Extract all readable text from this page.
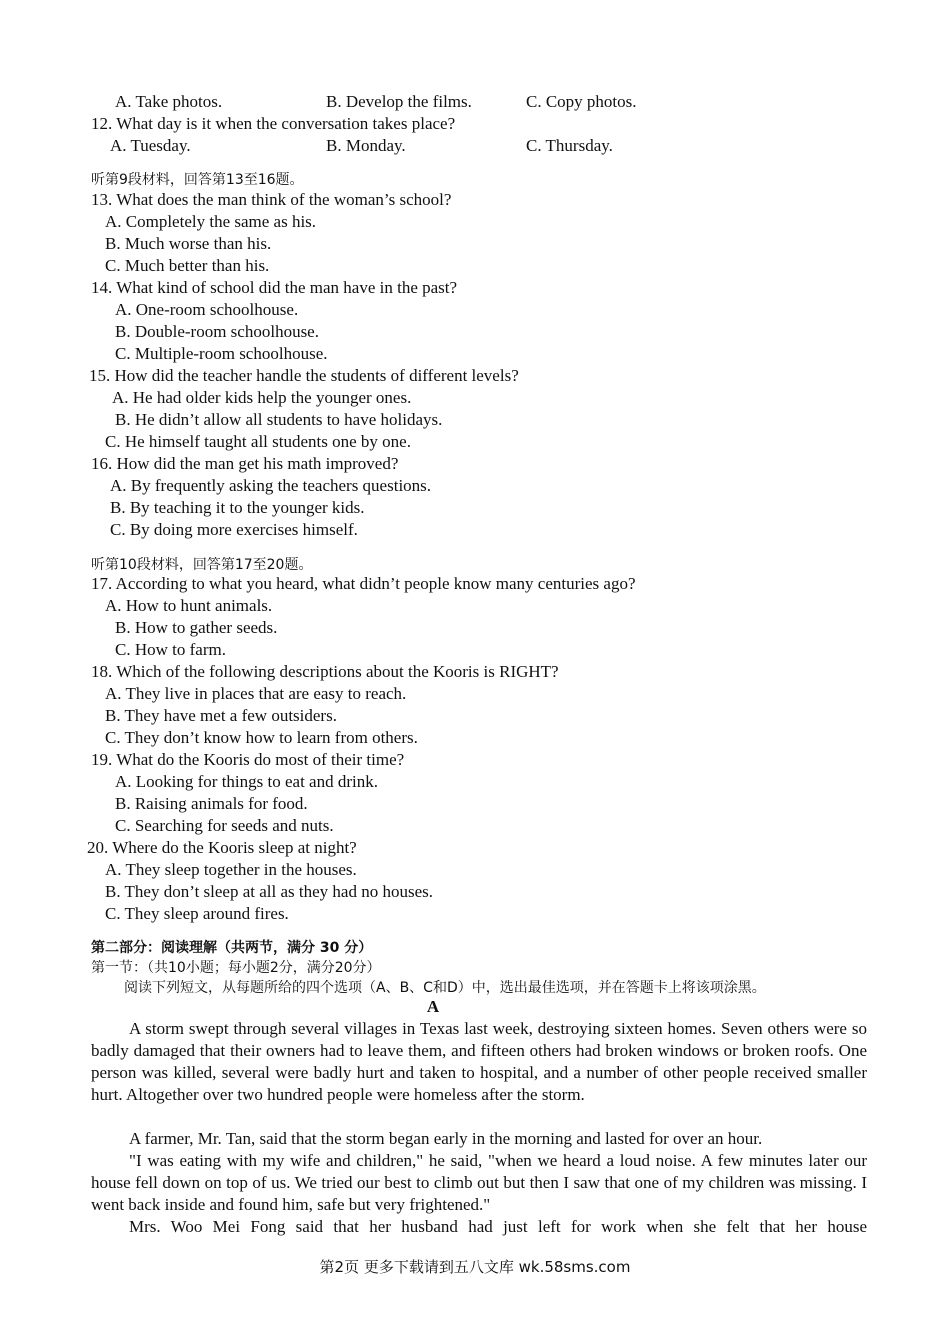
A. Take photos.	B. Develop the films.	C. Copy photos.
12. What day is it when the conversation takes place?
A. Tuesday.	B. Monday.	C. Thursday.
听第9段材料，回答第13至16题。
13. What does the man think of the woman’s school?
A. Completely the same as his.
B. Much worse than his.
C. Much better than his.
14. What kind of school did the man have in the past?
A. One-room schoolhouse.
B. Double-room schoolhouse.
C. Multiple-room schoolhouse.
15. How did the teacher handle the students of different levels?
A. He had older kids help the younger ones.
B. He didn’t allow all students to have holidays.
C. He himself taught all students one by one.
16. How did the man get his math improved?
A. By frequently asking the teachers questions.
B. By teaching it to the younger kids.
C. By doing more exercises himself.
听第10段材料，回答第17至20题。
17. According to what you heard, what didn’t people know many centuries ago?
A. How to hunt animals.
B. How to gather seeds.
C. How to farm.
18. Which of the following descriptions about the Kooris is RIGHT?
A. They live in places that are easy to reach.
B. They have met a few outsiders.
C. They don’t know how to learn from others.
19. What do the Kooris do most of their time?
A. Looking for things to eat and drink.
B. Raising animals for food.
C. Searching for seeds and nuts.
20. Where do the Kooris sleep at night?
A. They sleep together in the houses.
B. They don’t sleep at all as they had no houses.
C. They sleep around fires.
第二部分：阅读理解（共两节，满分 30 分）
第一节：（共10小题；每小题2分，满分20分）
阅读下列短文，从每题所给的四个选项（A、B、C和D）中，选出最佳选项，并在答题卡上将该项涂黑。
A

A storm swept through several villages in Texas last week, destroying sixteen homes. Seven others were so badly damaged that their owners had to leave them, and fifteen others had broken windows or broken roofs. One person was killed, several were badly hurt and taken to hospital, and a number of other people received smaller hurt. Altogether over two hundred people were homeless after the storm.

A farmer, Mr. Tan, said that the storm began early in the morning and lasted for over an hour.

"I was eating with my wife and children," he said, "when we heard a loud noise. A few minutes later our house fell down on top of us. We tried our best to climb out but then I saw that one of my children was missing. I went back inside and found him, safe but very frightened."

Mrs. Woo Mei Fong said that her husband had just left for work when she felt that her house

第2页 更多下载请到五八文库 wk.58sms.com
